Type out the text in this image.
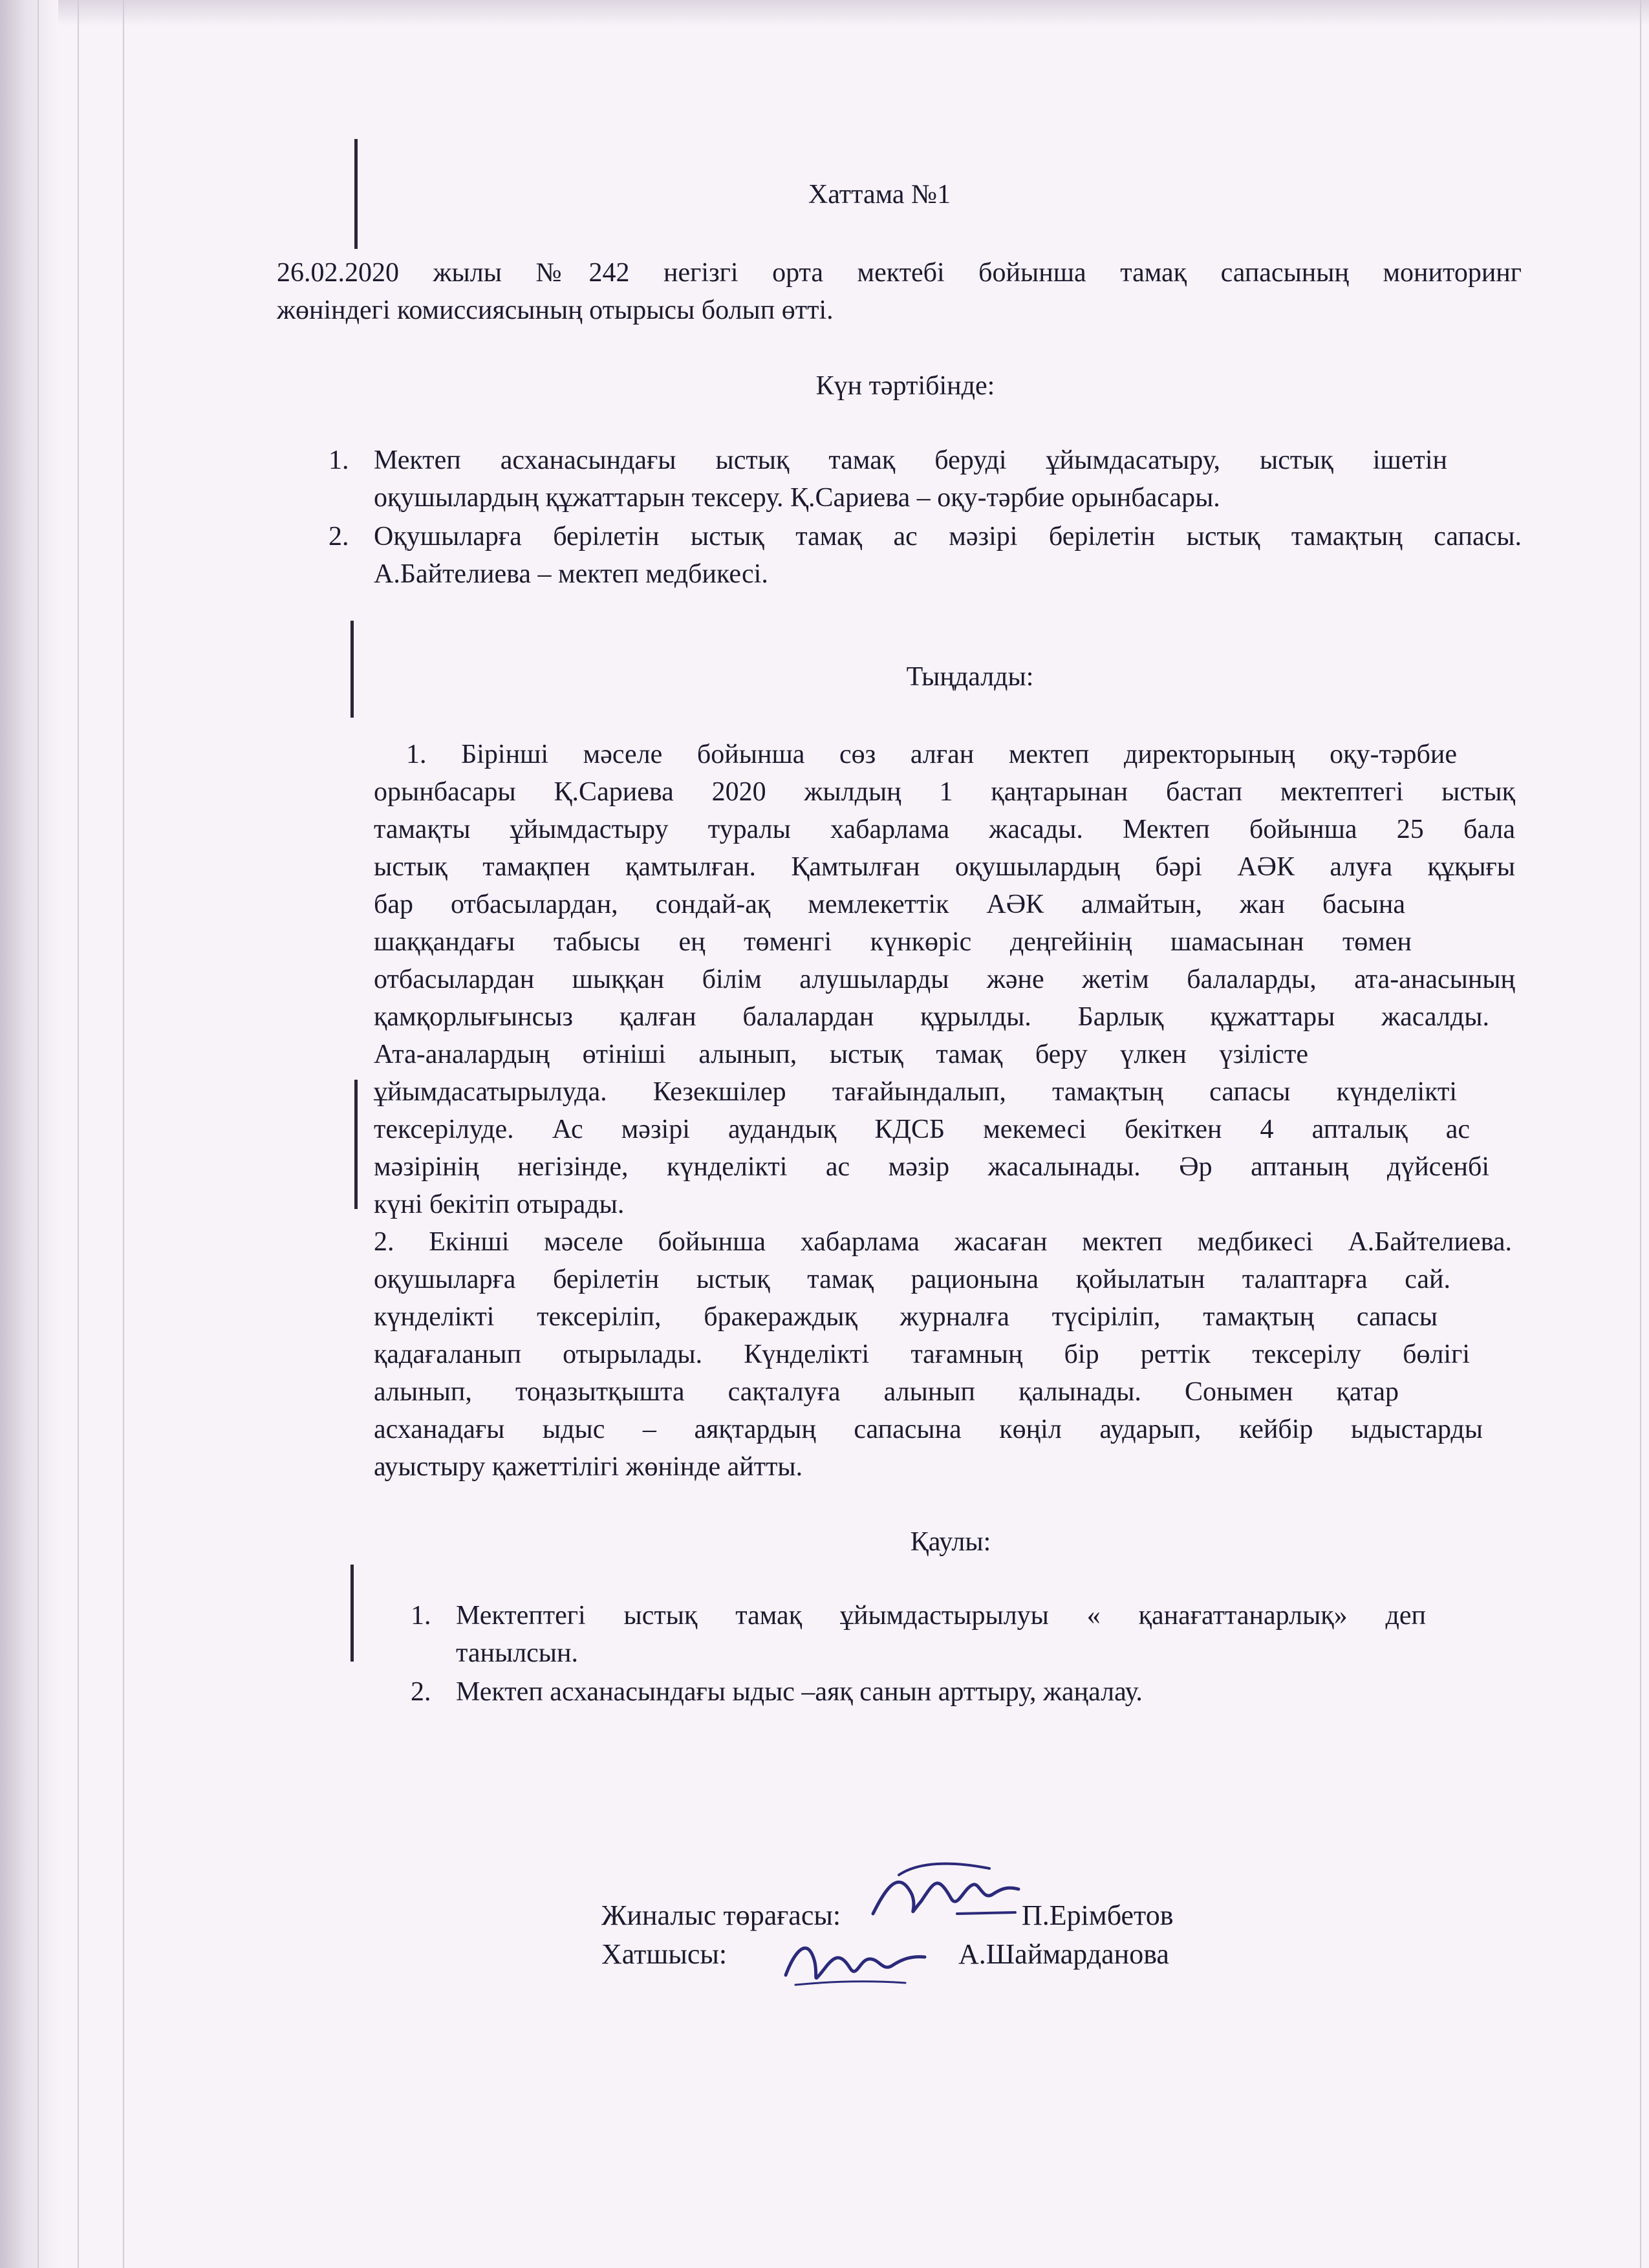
Хаттама №1
26.02.2020 жылы №242 негізгі орта мектебі бойынша тамақ сапасының мониторинг
жөніндегі комиссиясының отырысы болып өтті.
Күн тәртібінде:
1. Мектеп асханасындағы ыстық тамақ беруді ұйымдасатыру, ыстық ішетін
оқушылардың құжаттарын тексеру. Қ.Сариева – оқу-тәрбие орынбасары.
2. Оқушыларға берілетін ыстық тамақ ас мәзірі берілетін ыстық тамақтың сапасы.
А.Байтелиева – мектеп медбикесі.
Тыңдалды:
1. Бірінші мәселе бойынша сөз алған мектеп директорының оқу-тәрбие
орынбасары Қ.Сариева 2020 жылдың 1 қаңтарынан бастап мектептегі ыстық
тамақты ұйымдастыру туралы хабарлама жасады. Мектеп бойынша 25 бала
ыстық тамақпен қамтылған. Қамтылған оқушылардың бәрі АӘК алуға құқығы
бар отбасылардан, сондай-ақ мемлекеттік АӘК алмайтын, жан басына
шаққандағы табысы ең төменгі күнкөріс деңгейінің шамасынан төмен
отбасылардан шыққан білім алушыларды және жетім балаларды, ата-анасының
қамқорлығынсыз қалған балалардан құрылды. Барлық құжаттары жасалды.
Ата-аналардың өтініші алынып, ыстық тамақ беру үлкен үзілісте
ұйымдасатырылуда. Кезекшілер тағайындалып, тамақтың сапасы күнделікті
тексерілуде. Ас мәзірі аудандық КДСБ мекемесі бекіткен 4 апталық ас
мәзірінің негізінде, күнделікті ас мәзір жасалынады. Әр аптаның дүйсенбі
күні бекітіп отырады.
2. Екінші мәселе бойынша хабарлама жасаған мектеп медбикесі А.Байтелиева.
оқушыларға берілетін ыстық тамақ рационына қойылатын талаптарға сай.
күнделікті тексеріліп, бракераждық журналға түсіріліп, тамақтың сапасы
қадағаланып отырылады. Күнделікті тағамның бір реттік тексерілу бөлігі
алынып, тоңазытқышта сақталуға алынып қалынады. Сонымен қатар
асханадағы ыдыс – аяқтардың сапасына көңіл аударып, кейбір ыдыстарды
ауыстыру қажеттілігі жөнінде айтты.
Қаулы:
1. Мектептегі ыстық тамақ ұйымдастырылуы « қанағаттанарлық» деп
танылсын.
2. Мектеп асханасындағы ыдыс –аяқ санын арттыру, жаңалау.
Жиналыс төрағасы:	П.Ерімбетов
Хатшысы:	А.Шаймарданова
